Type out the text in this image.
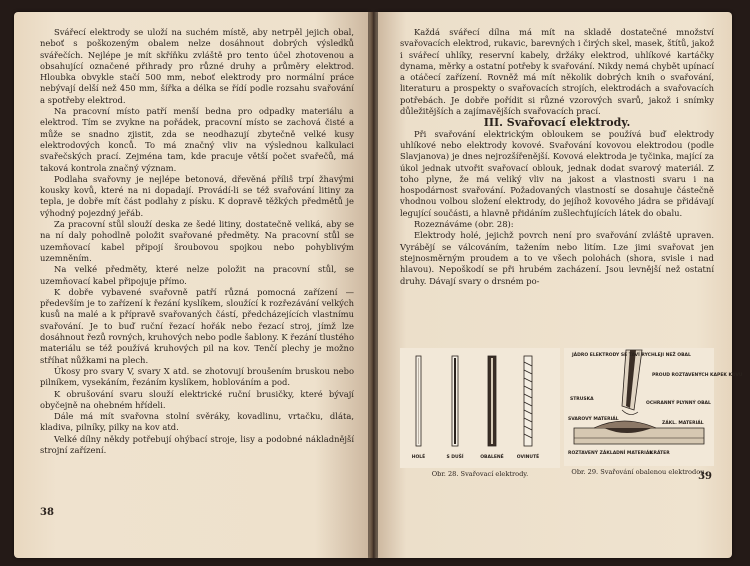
Svářecí elektrody se uloží na suchém místě, aby netrpěl jejich obal, neboť s poškozeným obalem nelze dosáhnout dobrých výsledků svářečích. Nejlépe je mít skříňku zvláště pro tento účel zhotovenou a obsahující označené přihrady pro různé druhy a průměry elektrod. Hloubka obvykle stačí 500 mm, neboť elektrody pro normální práce nebývají delší než 450 mm, šířka a délka se řídí podle rozsahu svařování a spotřeby elektrod.

Na pracovní místo patří menší bedna pro odpadky materiálu a elektrod. Tím se zvykne na pořádek, pracovní místo se zachová čisté a může se snadno zjistit, zda se neodhazují zbytečně velké kusy elektrodových konců. To má značný vliv na výslednou kalkulaci svařečských prací. Zejména tam, kde pracuje větší počet svařečů, má taková kontrola značný význam.

Podlaha svařovny je nejlépe betonová, dřevěná příliš trpí žhavými kousky kovů, které na ni dopadají. Provádí-li se též svařování litiny za tepla, je dobře mít část podlahy z písku. K dopravě těžkých předmětů je výhodný pojezdný jeřáb.

Za pracovní stůl slouží deska ze šedé litiny, dostatečně veliká, aby se na ní daly pohodlně položit svařované předměty. Na pracovní stůl se uzemňovací kabel připojí šroubovou spojkou nebo pohyblivým uzemněním.

Na velké předměty, které nelze položit na pracovní stůl, se uzemňovací kabel připojuje přímo.

K dobře vybavené svařovně patří různá pomocná zařízení — především je to zařízení k řezání kyslíkem, sloužící k rozřezávání velkých kusů na malé a k přípravě svařovaných částí, předcházejících vlastnímu svařování. Je to buď ruční řezací hořák nebo řezací stroj, jímž lze dosáhnout řezů rovných, kruhových nebo podle šablony. K řezání tlustého materiálu se též používá kruhových pil na kov. Tenčí plechy je možno stříhat nůžkami na plech.

Úkosy pro svary V, svary X atd. se zhotovují broušením bruskou nebo pilníkem, vysekáním, řezáním kyslíkem, hoblováním a pod.

K obrušování svaru slouží elektrické ruční brusičky, které bývají obyčejně na ohebném hřídeli.

Dále má mít svařovna stolní svěráky, kovadlinu, vrtačku, dláta, kladiva, pilníky, pilky na kov atd.

Velké dílny někdy potřebují ohýbací stroje, lisy a podobné nákladnější strojní zařízení.

38

Každá svářecí dílna má mít na skladě dostatečné množství svařovacích elektrod, rukavic, barevných i čirých skel, masek, štítů, jakož i svářecí uhlíky, reservní kabely, držáky elektrod, uhlíkové kartáčky dynama, měrky a ostatní potřeby k svařování. Nikdy nemá chybět upínací a otáčecí zařízení. Rovněž má mít několik dobrých knih o svařování, literaturu a prospekty o svařovacích strojích, elektrodách a svařovacích potřebách. Je dobře pořídit si různé vzorových svarů, jakož i snímky důležitějších a zajímavějších svařovacích prací.

III. Svařovací elektrody.

Při svařování elektrickým obloukem se používá buď elektrody uhlíkové nebo elektrody kovové. Svařování kovovou elektrodou (podle Slavjanova) je dnes nejrozšířenější. Kovová elektroda je tyčinka, mající za úkol jednak utvořit svařovací oblouk, jednak dodat svarový materiál. Z toho plyne, že má veliký vliv na jakost a vlastnosti svaru i na hospodárnost svařování. Požadovaných vlastností se dosahuje částečně vhodnou volbou složení elektrody, do jejíhož kovového jádra se přidávají legující součásti, a hlavně přidáním zušlechťujících látek do obalu.

Rozeznáváme (obr. 28):

Elektrody holé, jejichž povrch není pro svařování zvláště upraven. Vyrábějí se válcováním, tažením nebo litím. Lze jimi svařovat jen stejnosměrným proudem a to ve všech polohách (shora, svisle i nad hlavou). Nepoškodí se při hrubém zacházení. Jsou levnější než ostatní druhy. Dávají svary o drsném po-

HOLÉ	S DUŠÍ	OBALENÉ	OVINUTÉ
Obr. 28. Svařovací elektrody.
JÁDRO ELEKTRODY SE TAVÍ RYCHLEJI NEŽ OBAL
PROUD ROZTAVENÝCH KAPEK KOVU
STRUSKA
OCHRANNÝ PLYNNÝ OBAL
SVAROVÝ MATERIÁL
ZÁKL. MATERIÁL
ROZTAVENÝ ZÁKLADNÍ MATERIÁL
KRÁTER
Obr. 29. Svařování obalenou elektrodou.
39
